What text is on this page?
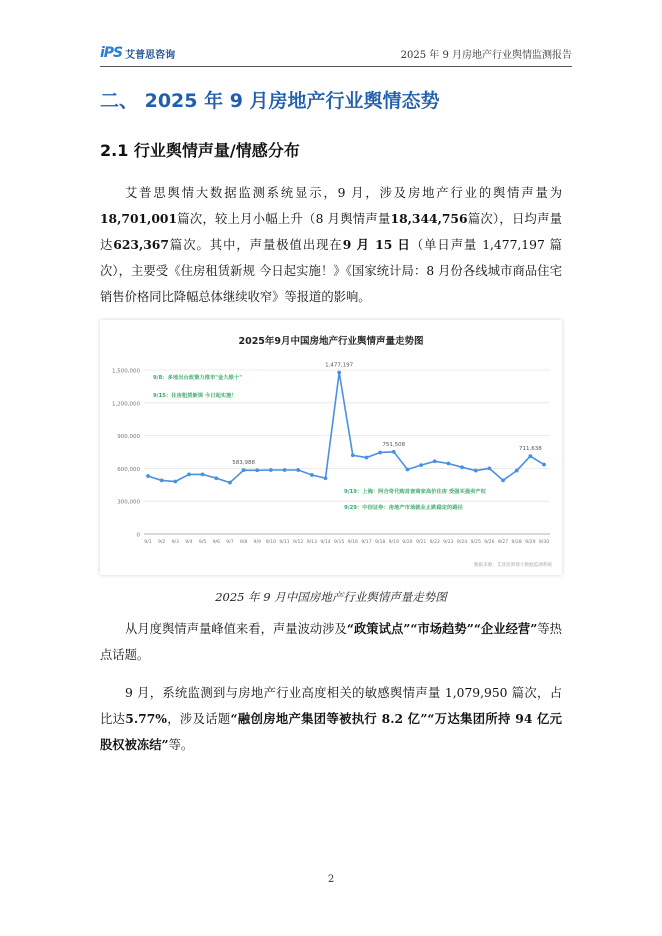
iPS 艾普思咨询	2025 年 9 月房地产行业舆情监测报告
二、 2025 年 9 月房地产行业舆情态势
2.1 行业舆情声量/情感分布
艾普思舆情大数据监测系统显示，9 月，涉及房地产行业的舆情声量为18,701,001篇次，较上月小幅上升（8 月舆情声量18,344,756篇次），日均声量达623,367篇次。其中，声量极值出现在9 月 15 日（单日声量 1,477,197 篇次），主要受《住房租赁新规 今日起实施！》《国家统计局：8 月份各线城市商品住宅销售价格同比降幅总体继续收窄》等报道的影响。
2025年9月中国房地产行业舆情声量走势图
0
300,000
600,000
900,000
1,200,000
1,500,000
9/1 9/2 9/3 9/4 9/5 9/6 9/7 9/8 9/9 9/10 9/11 9/12 9/13 9/14 9/15 9/16 9/17 9/18 9/19 9/20 9/21 9/22 9/23 9/24 9/25 9/26 9/27 9/28 9/29 9/30
583,988
1,477,197
751,508
711,638
9/8：多地出台政策力推市"金九银十"
9/15：住房租赁新规 今日起实施！
9/19：上海：阿合奇代购首套商家高价住房 受强买强卖产权
9/29：中信证券：房地产市场就业止跌稳定的路径
数据来源：艾普思舆情大数据监测系统
2025 年 9 月中国房地产行业舆情声量走势图
从月度舆情声量峰值来看，声量波动涉及“政策试点”“市场趋势”“企业经营”等热点话题。
9 月，系统监测到与房地产行业高度相关的敏感舆情声量 1,079,950 篇次，占比达5.77%，涉及话题“融创房地产集团等被执行 8.2 亿”“万达集团所持 94 亿元股权被冻结”等。
2
